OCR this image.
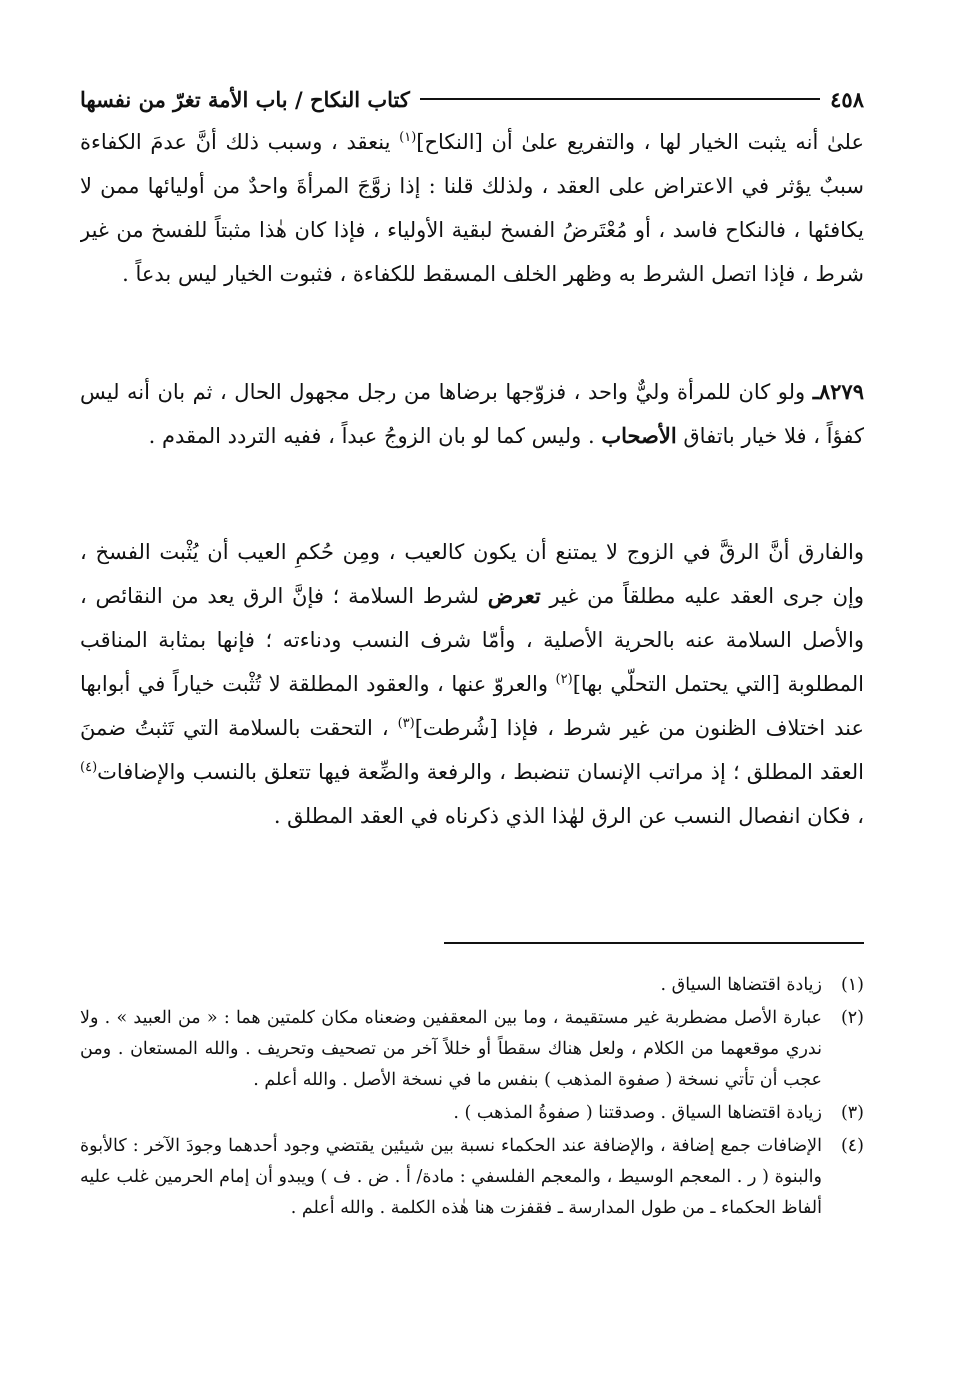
٤٥٨
كتاب النكاح / باب الأمة تغرّ من نفسها

علىٰ أنه يثبت الخيار لها ، والتفريع علىٰ أن [النكاح]$^{(١)}$ ينعقد ، وسبب ذلك أنَّ عدمَ الكفاءة سببٌ يؤثر في الاعتراض على العقد ، ولذلك قلنا : إذا زوَّجَ المرأةَ واحدٌ من أوليائها ممن لا يكافئها ، فالنكاح فاسد ، أو مُعْتَرضُ الفسخ لبقية الأولياء ، فإذا كان هٰذا مثبتاً للفسخ من غير شرط ، فإذا اتصل الشرط به وظهر الخلف المسقط للكفاءة ، فثبوت الخيار ليس بدعاً .

٨٢٧٩ـ ولو كان للمرأة وليٌّ واحد ، فزوّجها برضاها من رجل مجهول الحال ، ثم بان أنه ليس كفؤاً ، فلا خيار باتفاق الأصحاب . وليس كما لو بان الزوجُ عبداً ، ففيه التردد المقدم .

والفارق أنَّ الرقَّ في الزوج لا يمتنع أن يكون كالعيب ، ومِن حُكمِ العيب أن يُثْبت الفسخ ، وإن جرى العقد عليه مطلقاً من غير تعرض لشرط السلامة ؛ فإنَّ الرق يعد من النقائص ، والأصل السلامة عنه بالحرية الأصلية ، وأمّا شرف النسب ودناءته ؛ فإنها بمثابة المناقب المطلوبة [التي يحتمل التحلّي بها]$^{(٢)}$ والعروّ عنها ، والعقود المطلقة لا تُثْبت خياراً في أبوابها عند اختلاف الظنون من غير شرط ، فإذا [شُرطت]$^{(٣)}$ ، التحقت بالسلامة التي تَثبتُ ضمنَ العقد المطلق ؛ إذ مراتب الإنسان تنضبط ، والرفعة والضِّعة فيها تتعلق بالنسب والإضافات$^{(٤)}$ ، فكان انفصال النسب عن الرق لهٰذا الذي ذكرناه في العقد المطلق .

(١)
زيادة اقتضاها السياق .
(٢)
عبارة الأصل مضطربة غير مستقيمة ، وما بين المعقفين وضعناه مكان كلمتين هما : « من العبيد » . ولا ندري موقعهما من الكلام ، ولعل هناك سقطاً أو خللاً آخر من تصحيف وتحريف . والله المستعان . ومن عجب أن تأتي نسخة ( صفوة المذهب ) بنفس ما في نسخة الأصل . والله أعلم .
(٣)
زيادة اقتضاها السياق . وصدقتنا ( صفوةُ المذهب ) .
(٤)
الإضافات جمع إضافة ، والإضافة عند الحكماء نسبة بين شيئين يقتضي وجود أحدهما وجودَ الآخر : كالأبوة والبنوة ( ر . المعجم الوسيط ، والمعجم الفلسفي : مادة/ أ . ض . ف ) ويبدو أن إمام الحرمين غلب عليه ألفاظ الحكماء ـ من طول المدارسة ـ فقفزت هنا هٰذه الكلمة . والله أعلم .
